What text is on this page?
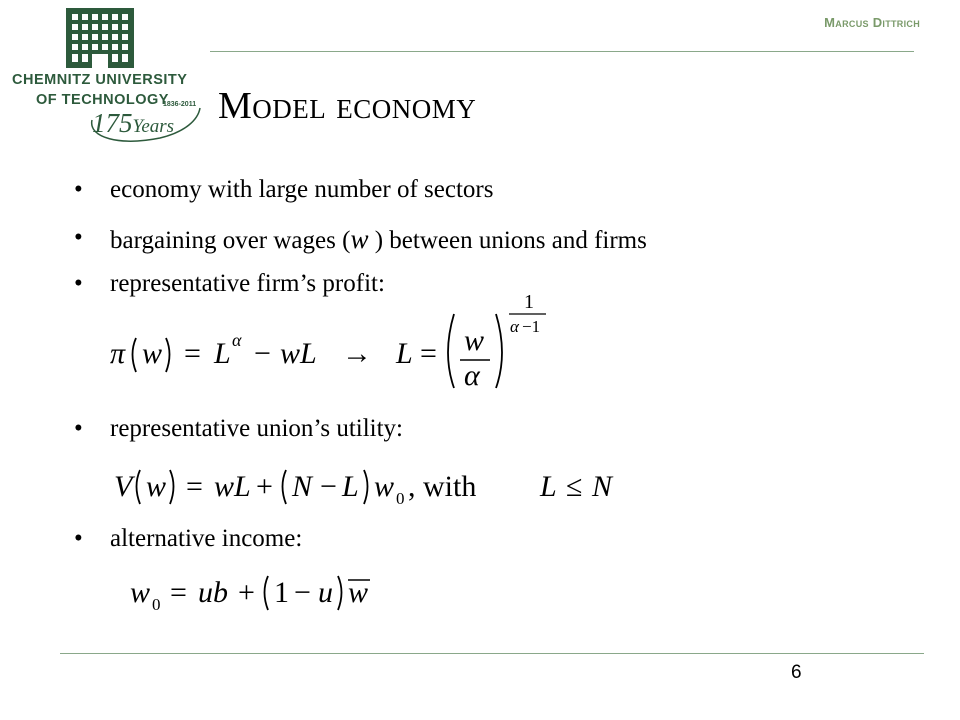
CHEMNITZ UNIVERSITY
OF TECHNOLOGY
1836-2011
175Years
Marcus Dittrich
Model economy
• economy with large number of sectors
• bargaining over wages (w ) between unions and firms
• representative firm’s profit:
π w = L α − wL → L = w
α
1
α −1
• representative union’s utility:
V w = wL + N − L w 0 , with L ≤ N
• alternative income:
w 0 = ub + 1 − u w
6
